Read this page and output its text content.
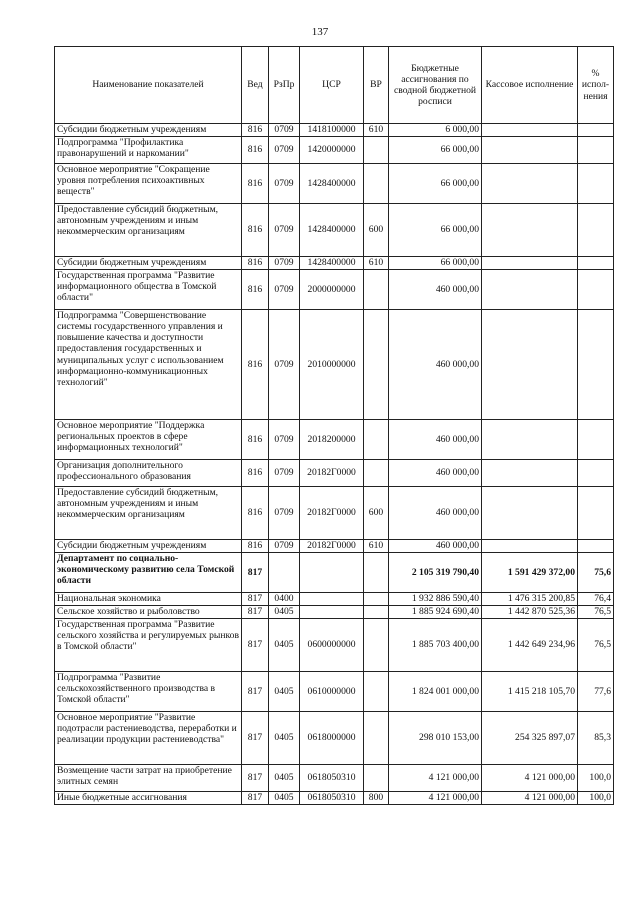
137
Наименование показателей	Вед	РзПр	ЦСР	ВР	Бюджетные ассигнования по сводной бюджетной росписи	Кассовое исполнение	% испол-нения
Субсидии бюджетным учреждениям	816	0709	1418100000	610	6 000,00		
Подпрограмма "Профилактика правонарушений и наркомании"	816	0709	1420000000		66 000,00		
Основное мероприятие "Сокращение уровня потребления психоактивных веществ"	816	0709	1428400000		66 000,00		
Предоставление субсидий бюджетным, автономным учреждениям и иным некоммерческим организациям	816	0709	1428400000	600	66 000,00		
Субсидии бюджетным учреждениям	816	0709	1428400000	610	66 000,00		
Государственная программа "Развитие информационного общества в Томской области"	816	0709	2000000000		460 000,00		
Подпрограмма "Совершенствование системы государственного управления и повышение качества и доступности предоставления государственных и муниципальных услуг с использованием информационно-коммуникационных технологий"	816	0709	2010000000		460 000,00		
Основное мероприятие "Поддержка региональных проектов в сфере информационных технологий"	816	0709	2018200000		460 000,00		
Организация дополнительного профессионального образования	816	0709	20182Г0000		460 000,00		
Предоставление субсидий бюджетным, автономным учреждениям и иным некоммерческим организациям	816	0709	20182Г0000	600	460 000,00		
Субсидии бюджетным учреждениям	816	0709	20182Г0000	610	460 000,00		
Департамент по социально-экономическому развитию села Томской области	817				2 105 319 790,40	1 591 429 372,00	75,6
Национальная экономика	817	0400			1 932 886 590,40	1 476 315 200,85	76,4
Сельское хозяйство и рыболовство	817	0405			1 885 924 690,40	1 442 870 525,36	76,5
Государственная программа "Развитие сельского хозяйства и регулируемых рынков в Томской области"	817	0405	0600000000		1 885 703 400,00	1 442 649 234,96	76,5
Подпрограмма "Развитие сельскохозяйственного производства в Томской области"	817	0405	0610000000		1 824 001 000,00	1 415 218 105,70	77,6
Основное мероприятие "Развитие подотрасли растениеводства, переработки и реализации продукции растениеводства"	817	0405	0618000000		298 010 153,00	254 325 897,07	85,3
Возмещение части затрат на приобретение элитных семян	817	0405	0618050310		4 121 000,00	4 121 000,00	100,0
Иные бюджетные ассигнования	817	0405	0618050310	800	4 121 000,00	4 121 000,00	100,0
